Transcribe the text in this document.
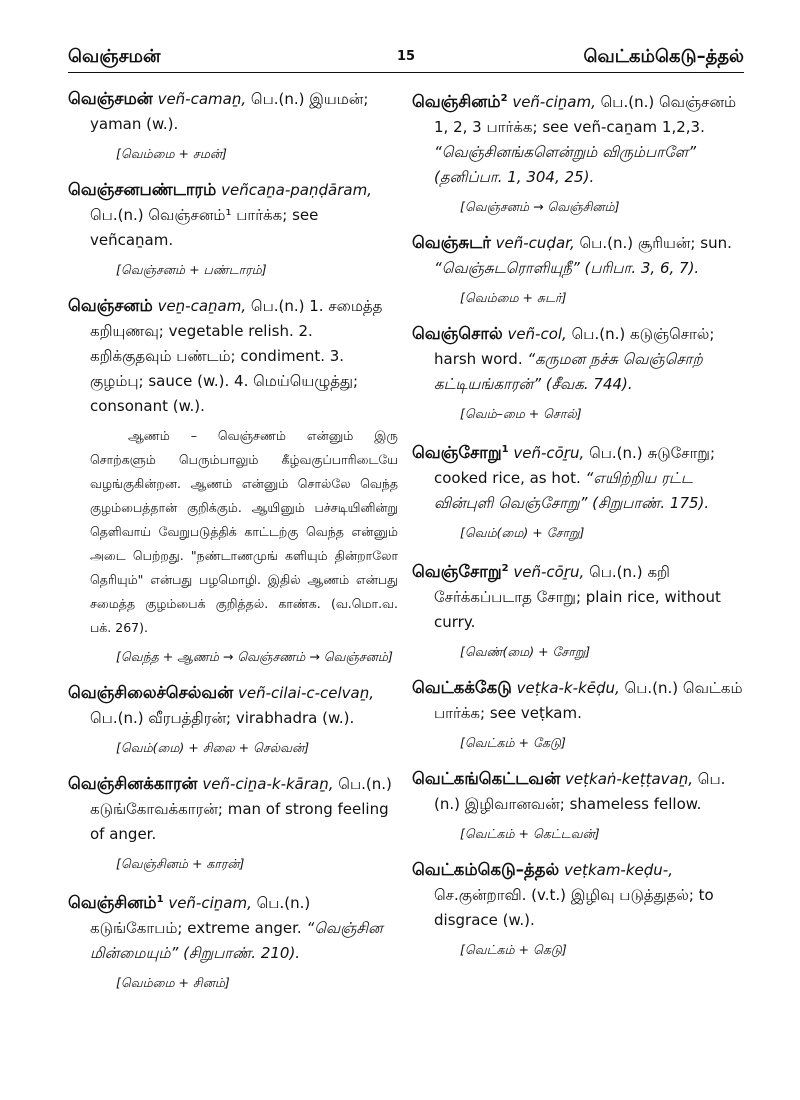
வெஞ்சமன்	15	வெட்கம்கெடு–த்தல்
வெஞ்சமன் veñ-camaṉ, பெ.(n.) இயமன்; yaman (w.).
[வெம்மை + சமன்]
வெஞ்சனபண்டாரம் veñcaṉa-paṇḍāram, பெ.(n.) வெஞ்சனம்¹ பார்க்க; see veñcaṉam.
[வெஞ்சனம் + பண்டாரம்]
வெஞ்சனம் veṉ-caṉam, பெ.(n.) 1. சமைத்த கறியுணவு; vegetable relish. 2. கறிக்குதவும் பண்டம்; condiment. 3. குழம்பு; sauce (w.). 4. மெய்யெழுத்து; consonant (w.).
ஆணம் – வெஞ்சணம் என்னும் இரு சொற்களும் பெரும்பாலும் கீழ்வகுப்பாரிடையே வழங்குகின்றன. ஆணம் என்னும் சொல்லே வெந்த குழம்பைத்தான் குறிக்கும். ஆயினும் பச்சடியினின்று தெளிவாய் வேறுபடுத்திக் காட்டற்கு வெந்த என்னும் அடை பெற்றது. "நண்டாணமுங் களியும் தின்றாலோ தெரியும்" என்பது பழமொழி. இதில் ஆணம் என்பது சமைத்த குழம்பைக் குறித்தல். காண்க. (வ.மொ.வ. பக். 267).
[வெந்த + ஆணம் → வெஞ்சணம் → வெஞ்சனம்]
வெஞ்சிலைச்செல்வன் veñ-cilai-c-celvaṉ, பெ.(n.) வீரபத்திரன்; virabhadra (w.).
[வெம்(மை) + சிலை + செல்வன்]
வெஞ்சினக்காரன் veñ-ciṉa-k-kāraṉ, பெ.(n.) கடுங்கோவக்காரன்; man of strong feeling of anger.
[வெஞ்சினம் + காரன்]
வெஞ்சினம்$^1$ veñ-ciṉam, பெ.(n.) கடுங்கோபம்; extreme anger. “வெஞ்சின மின்மையும்” (சிறுபாண். 210).
[வெம்மை + சினம்]
வெஞ்சினம்$^2$ veñ-ciṉam, பெ.(n.) வெஞ்சனம் 1, 2, 3 பார்க்க; see veñ-caṉam 1,2,3. “வெஞ்சினங்களென்றும் விரும்பாளே” (தனிப்பா. 1, 304, 25).
[வெஞ்சனம் → வெஞ்சினம்]
வெஞ்சுடர் veñ-cuḍar, பெ.(n.) சூரியன்; sun. “வெஞ்சுடரொளியுநீ” (பரிபா. 3, 6, 7).
[வெம்மை + சுடர்]
வெஞ்சொல் veñ-col, பெ.(n.) கடுஞ்சொல்; harsh word. “கருமன நச்சு வெஞ்சொற் கட்டியங்காரன்” (சீவக. 744).
[வெம்–மை + சொல்]
வெஞ்சோறு$^1$ veñ-cōṟu, பெ.(n.) சுடுசோறு; cooked rice, as hot. “எயிற்றிய ரட்ட வின்புளி வெஞ்சோறு” (சிறுபாண். 175).
[வெம்(மை) + சோறு]
வெஞ்சோறு$^2$ veñ-cōṟu, பெ.(n.) கறி சேர்க்கப்படாத சோறு; plain rice, without curry.
[வெண்(மை) + சோறு]
வெட்கக்கேடு veṭka-k-kēḍu, பெ.(n.) வெட்கம் பார்க்க; see veṭkam.
[வெட்கம் + கேடு]
வெட்கங்கெட்டவன் veṭkaṅ-keṭṭavaṉ, பெ.(n.) இழிவானவன்; shameless fellow.
[வெட்கம் + கெட்டவன்]
வெட்கம்கெடு–த்தல் veṭkam-keḍu-, செ.குன்றாவி. (v.t.) இழிவு படுத்துதல்; to disgrace (w.).
[வெட்கம் + கெடு]
